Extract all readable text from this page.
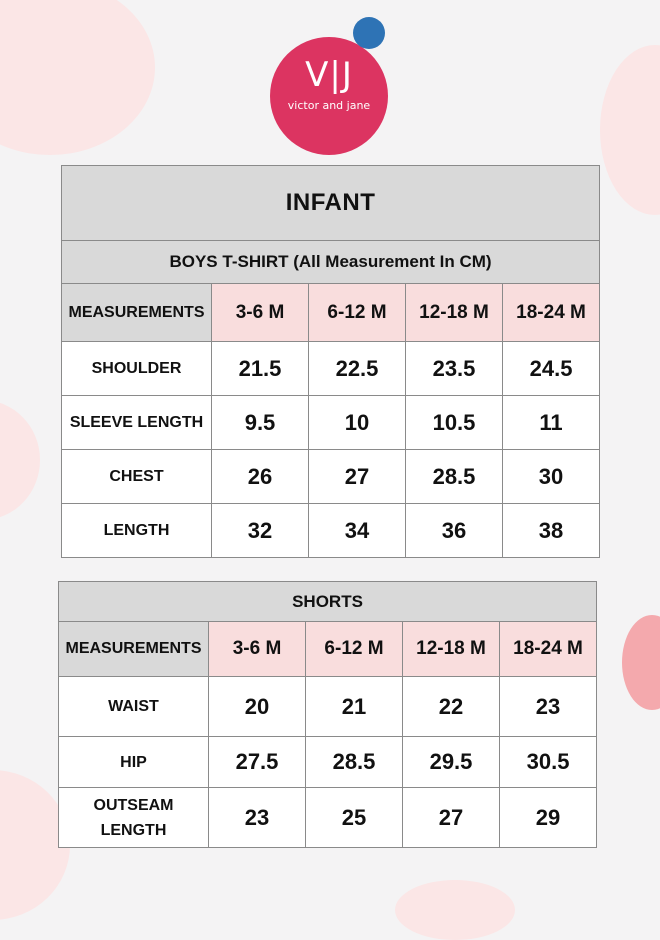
V|J
victor and jane
INFANT				
BOYS T-SHIRT (All Measurement In CM)				
MEASUREMENTS	3-6 M	6-12 M	12-18 M	18-24 M
SHOULDER	21.5	22.5	23.5	24.5
SLEEVE LENGTH	9.5	10	10.5	11
CHEST	26	27	28.5	30
LENGTH	32	34	36	38
SHORTS				
MEASUREMENTS	3-6 M	6-12 M	12-18 M	18-24 M
WAIST	20	21	22	23
HIP	27.5	28.5	29.5	30.5
OUTSEAM
LENGTH	23	25	27	29
